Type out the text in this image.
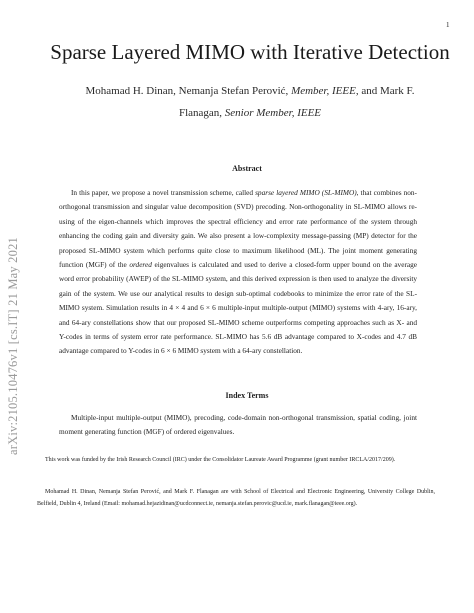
1
arXiv:2105.10476v1 [cs.IT] 21 May 2021
Sparse Layered MIMO with Iterative Detection
Mohamad H. Dinan, Nemanja Stefan Perović, Member, IEEE, and Mark F.
Flanagan, Senior Member, IEEE
Abstract
In this paper, we propose a novel transmission scheme, called sparse layered MIMO (SL-MIMO), that combines non-orthogonal transmission and singular value decomposition (SVD) precoding. Non-orthogonality in SL-MIMO allows re-using of the eigen-channels which improves the spectral efficiency and error rate performance of the system through enhancing the coding gain and diversity gain. We also present a low-complexity message-passing (MP) detector for the proposed SL-MIMO system which performs quite close to maximum likelihood (ML). The joint moment generating function (MGF) of the ordered eigenvalues is calculated and used to derive a closed-form upper bound on the average word error probability (AWEP) of the SL-MIMO system, and this derived expression is then used to analyze the diversity gain of the system. We use our analytical results to design sub-optimal codebooks to minimize the error rate of the SL-MIMO system. Simulation results in 4 × 4 and 6 × 6 multiple-input multiple-output (MIMO) systems with 4-ary, 16-ary, and 64-ary constellations show that our proposed SL-MIMO scheme outperforms competing approaches such as X- and Y-codes in terms of system error rate performance. SL-MIMO has 5.6 dB advantage compared to X-codes and 4.7 dB advantage compared to Y-codes in 6 × 6 MIMO system with a 64-ary constellation.
Index Terms
Multiple-input multiple-output (MIMO), precoding, code-domain non-orthogonal transmission, spatial coding, joint moment generating function (MGF) of ordered eigenvalues.
This work was funded by the Irish Research Council (IRC) under the Consolidator Laureate Award Programme (grant number IRCLA/2017/209).
Mohamad H. Dinan, Nemanja Stefan Perović, and Mark F. Flanagan are with School of Electrical and Electronic Engineering, University College Dublin, Belfield, Dublin 4, Ireland (Email: mohamad.hejazidinan@ucdconnect.ie, nemanja.stefan.perovic@ucd.ie, mark.flanagan@ieee.org).
